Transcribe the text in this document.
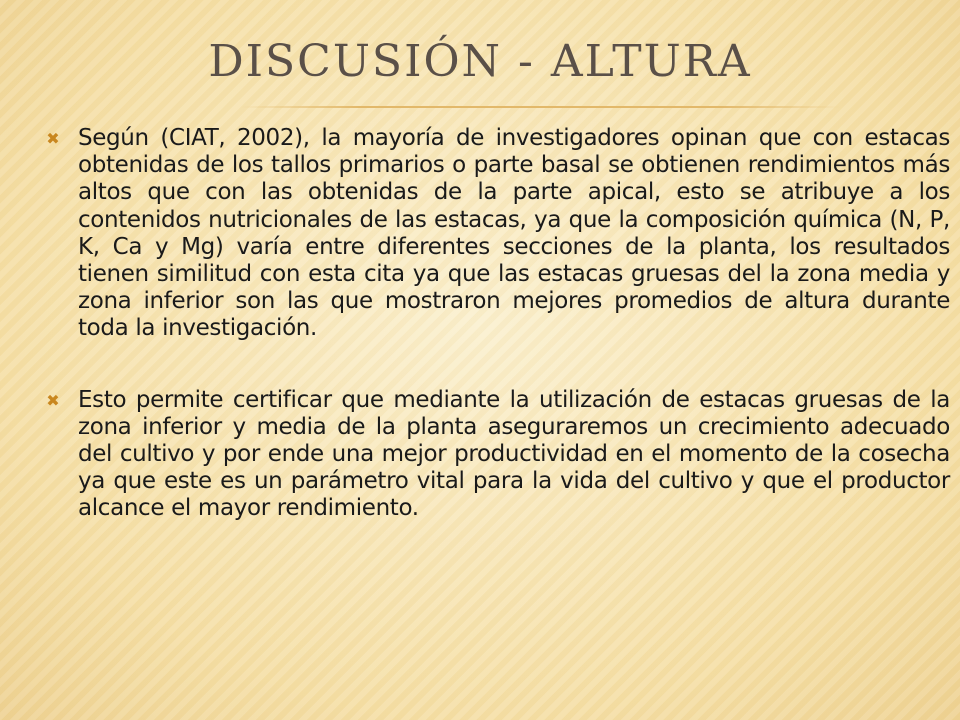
DISCUSIÓN - ALTURA
✖ Según (CIAT, 2002), la mayoría de investigadores opinan que con estacas obtenidas de los tallos primarios o parte basal se obtienen rendimientos más altos que con las obtenidas de la parte apical, esto se atribuye a los contenidos nutricionales de las estacas, ya que la composición química (N, P, K, Ca y Mg) varía entre diferentes secciones de la planta, los resultados tienen similitud con esta cita ya que las estacas gruesas del la zona media y zona inferior son las que mostraron mejores promedios de altura durante toda la investigación.
✖ Esto permite certificar que mediante la utilización de estacas gruesas de la zona inferior y media de la planta aseguraremos un crecimiento adecuado del cultivo y por ende una mejor productividad en el momento de la cosecha ya que este es un parámetro vital para la vida del cultivo y que el productor alcance el mayor rendimiento.
